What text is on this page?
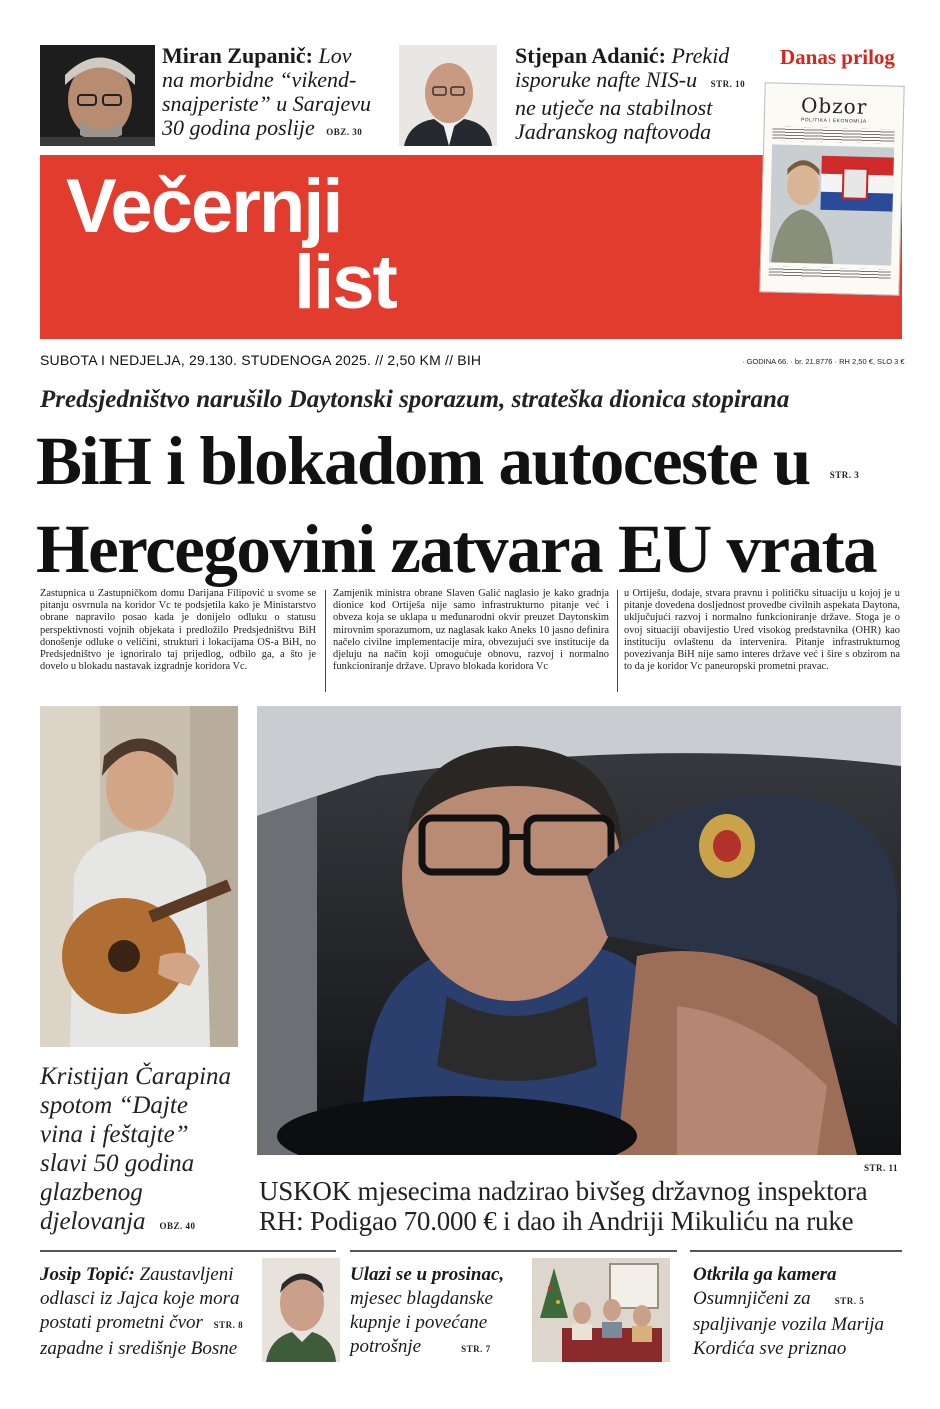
Miran Zupanič: Lov
na morbidne “vikend-
snajperiste” u Sarajevu
30 godina poslije OBZ. 30
Stjepan Adanić: Prekid
isporuke nafte NIS-u STR. 10
ne utječe na stabilnost
Jadranskog naftovoda
Večernji
list
Danas prilog
Obzor
POLITIKA I EKONOMIJA
SUBOTA I NEDJELJA, 29.130. STUDENOGA 2025. // 2,50 KM // BIH	· GODINA 66. · br. 21.8776 · RH 2,50 €, SLO 3 €
Predsjedništvo narušilo Daytonski sporazum, strateška dionica stopirana
BiH i blokadom autoceste u STR. 3
Hercegovini zatvara EU vrata
Zastupnica u Zastupničkom domu Darijana Filipović u svome se pitanju osvrnula na koridor Vc te podsjetila kako je Ministarstvo obrane napravilo posao kada je donijelo odluku o statusu perspektivnosti vojnih objekata i predložilo Predsjedništvu BiH donošenje odluke o veličini, strukturi i lokacijama OS-a BiH, no Predsjedništvo je ignoriralo taj prijedlog, odbilo ga, a što je dovelo u blokadu nastavak izgradnje koridora Vc.
Zamjenik ministra obrane Slaven Galić naglasio je kako gradnja dionice kod Ortiješa nije samo infrastrukturno pitanje već i obveza koja se uklapa u međunarodni okvir preuzet Daytonskim mirovnim sporazumom, uz naglasak kako Aneks 10 jasno definira načelo civilne implementacije mira, obvezujući sve institucije da djeluju na način koji omogućuje obnovu, razvoj i normalno funkcioniranje države. Upravo blokada koridora Vc
u Ortiješu, dodaje, stvara pravnu i političku situaciju u kojoj je u pitanje dovedena dosljednost provedbe civilnih aspekata Daytona, uključujući razvoj i normalno funkcioniranje države. Stoga je o ovoj situaciji obavijestio Ured visokog predstavnika (OHR) kao instituciju ovlaštenu da intervenira. Pitanje infrastrukturnog povezivanja BiH nije samo interes države već i šire s obzirom na to da je koridor Vc paneuropski prometni pravac.
Kristijan Čarapina
spotom “Dajte
vina i feštajte”
slavi 50 godina
glazbenog
djelovanja OBZ. 40
STR. 11
USKOK mjesecima nadzirao bivšeg državnog inspektora
RH: Podigao 70.000 € i dao ih Andriji Mikuliću na ruke
Josip Topić: Zaustavljeni
odlasci iz Jajca koje mora
postati prometni čvor STR. 8
zapadne i središnje Bosne
Ulazi se u prosinac,
mjesec blagdanske
kupnje i povećane
potrošnje	STR. 7
Otkrila ga kamera
Osumnjičeni za	STR. 5
spaljivanje vozila Marija
Kordića sve priznao
